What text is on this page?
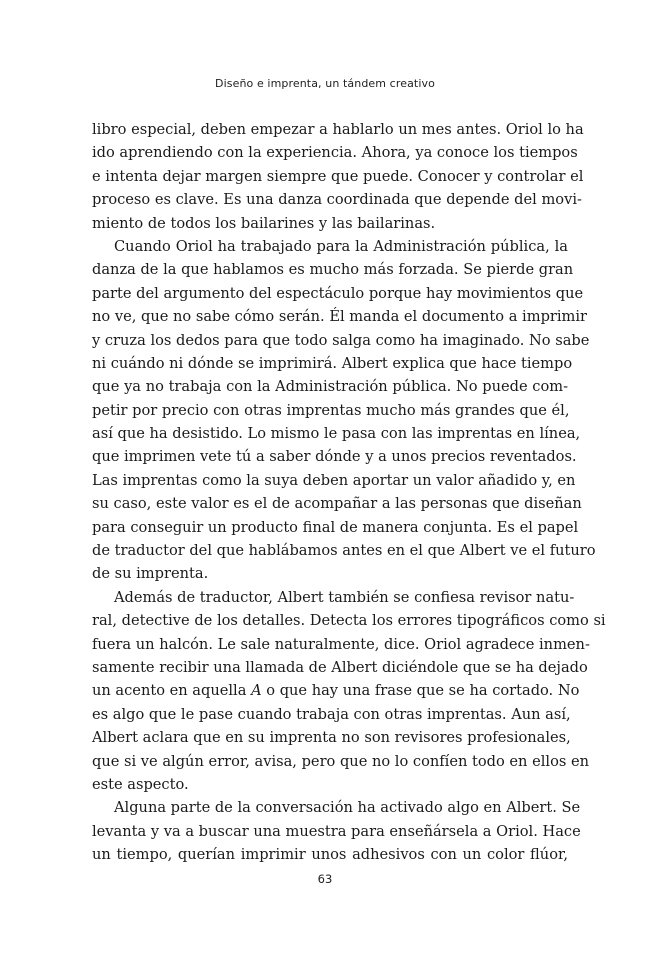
Diseño e imprenta, un tándem creativo
libro especial, deben empezar a hablarlo un mes antes. Oriol lo ha
ido aprendiendo con la experiencia. Ahora, ya conoce los tiempos
e intenta dejar margen siempre que puede. Conocer y controlar el
proceso es clave. Es una danza coordinada que depende del movi-
miento de todos los bailarines y las bailarinas.
Cuando Oriol ha trabajado para la Administración pública, la
danza de la que hablamos es mucho más forzada. Se pierde gran
parte del argumento del espectáculo porque hay movimientos que
no ve, que no sabe cómo serán. Él manda el documento a imprimir
y cruza los dedos para que todo salga como ha imaginado. No sabe
ni cuándo ni dónde se imprimirá. Albert explica que hace tiempo
que ya no trabaja con la Administración pública. No puede com-
petir por precio con otras imprentas mucho más grandes que él,
así que ha desistido. Lo mismo le pasa con las imprentas en línea,
que imprimen vete tú a saber dónde y a unos precios reventados.
Las imprentas como la suya deben aportar un valor añadido y, en
su caso, este valor es el de acompañar a las personas que diseñan
para conseguir un producto final de manera conjunta. Es el papel
de traductor del que hablábamos antes en el que Albert ve el futuro
de su imprenta.
Además de traductor, Albert también se confiesa revisor natu-
ral, detective de los detalles. Detecta los errores tipográficos como si
fuera un halcón. Le sale naturalmente, dice. Oriol agradece inmen-
samente recibir una llamada de Albert diciéndole que se ha dejado
un acento en aquella A o que hay una frase que se ha cortado. No
es algo que le pase cuando trabaja con otras imprentas. Aun así,
Albert aclara que en su imprenta no son revisores profesionales,
que si ve algún error, avisa, pero que no lo confíen todo en ellos en
este aspecto.
Alguna parte de la conversación ha activado algo en Albert. Se
levanta y va a buscar una muestra para enseñársela a Oriol. Hace
un tiempo, querían imprimir unos adhesivos con un color flúor,
63
